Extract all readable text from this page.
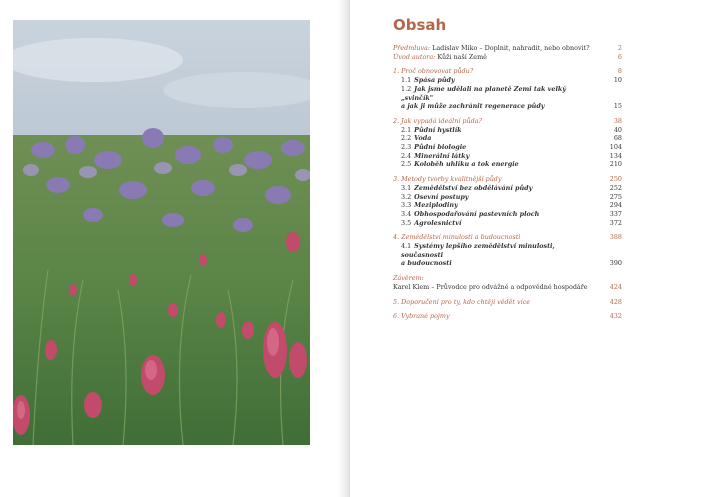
Obsah
Předmluva: Ladislav Miko – Doplnit, nahradit, nebo obnovit?	2
Úvod autora: Kůži naší Země	6
1. Proč obnovovat půdu?	8
1.1 Spása půdy	10
1.2 Jak jsme udělali na planetě Zemi tak velký „svinčík"
a jak ji může zachránit regenerace půdy	15
2. Jak vypadá ideální půda?	38
2.1 Půdní hystlík	40
2.2 Voda	68
2.3 Půdní biologie	104
2.4 Minerální látky	134
2.5 Koloběh uhlíku a tok energie	210
3. Metody tvorby kvalitnější půdy	250
3.1 Zemědělství bez obdělávání půdy	252
3.2 Osevní postupy	275
3.3 Meziplodiny	294
3.4 Obhospodařování pastevních ploch	337
3.5 Agrolesnictví	372
4. Zemědělství minulosti a budoucnosti	388
4.1 Systémy lepšího zemědělství minulosti, současnosti
a budoucnosti	390
Závěrem:
Karel Klem – Průvodce pro odvážné a odpovědné hospodáře	424
5. Doporučení pro ty, kdo chtějí vědět více	428
6. Vybrané pojmy	432
